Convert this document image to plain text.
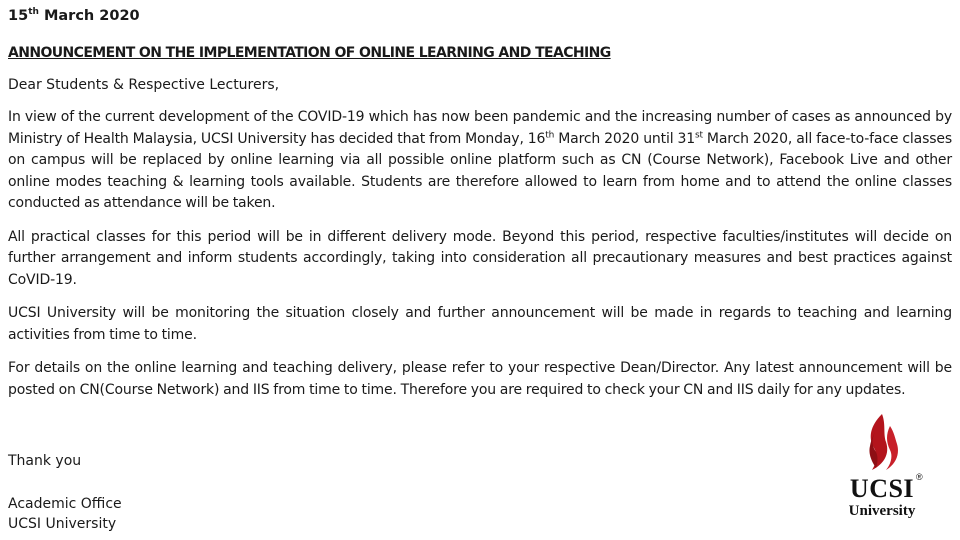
15th March 2020

ANNOUNCEMENT ON THE IMPLEMENTATION OF ONLINE LEARNING AND TEACHING

Dear Students & Respective Lecturers,

In view of the current development of the COVID-19 which has now been pandemic and the increasing number of cases as announced by Ministry of Health Malaysia, UCSI University has decided that from Monday, 16th March 2020 until 31st March 2020, all face-to-face classes on campus will be replaced by online learning via all possible online platform such as CN (Course Network), Facebook Live and other online modes teaching & learning tools available. Students are therefore allowed to learn from home and to attend the online classes conducted as attendance will be taken.

All practical classes for this period will be in different delivery mode. Beyond this period, respective faculties/institutes will decide on further arrangement and inform students accordingly, taking into consideration all precautionary measures and best practices against CoVID-19.

UCSI University will be monitoring the situation closely and further announcement will be made in regards to teaching and learning activities from time to time.

For details on the online learning and teaching delivery, please refer to your respective Dean/Director. Any latest announcement will be posted on CN(Course Network) and IIS from time to time. Therefore you are required to check your CN and IIS daily for any updates.

Thank you

Academic Office

UCSI University

UCSI ®
University
